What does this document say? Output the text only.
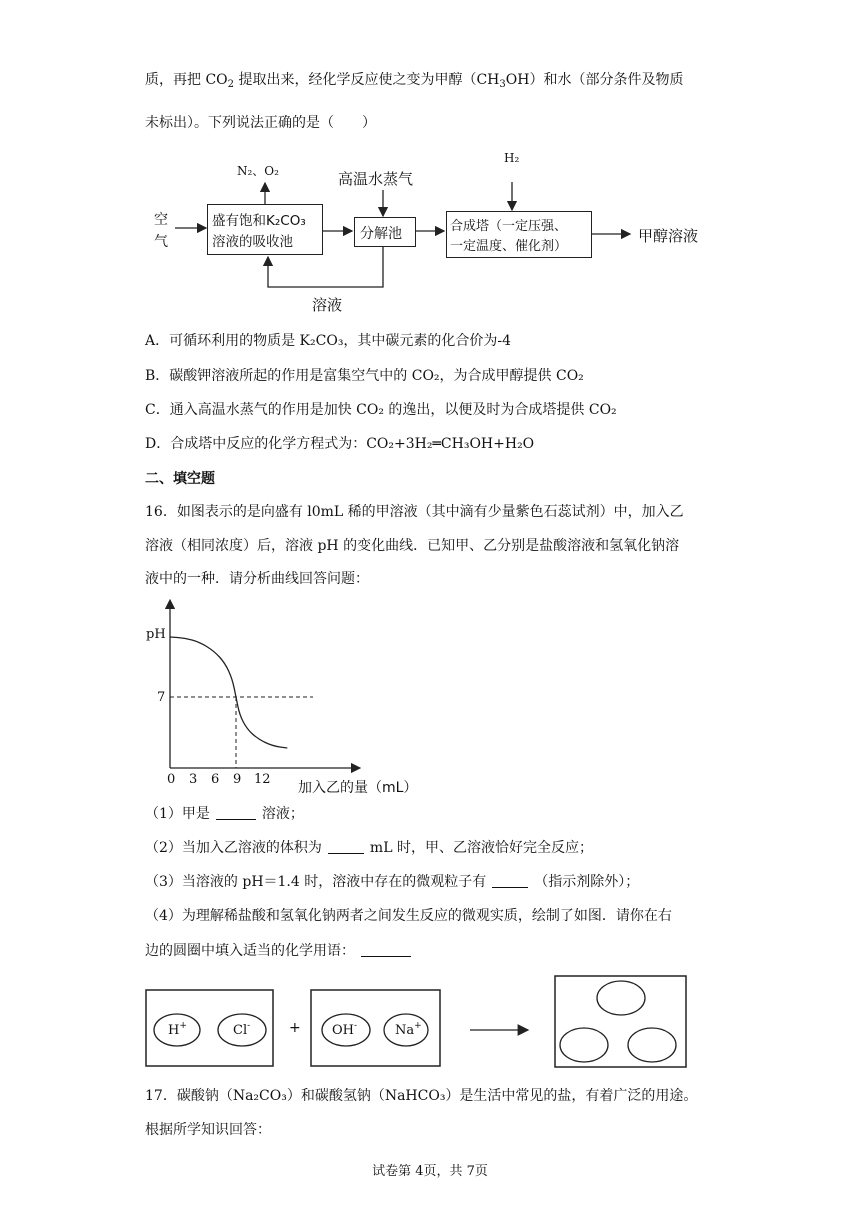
质，再把 $CO_2$ 提取出来，经化学反应使之变为甲醇$(CH_3OH)$和水（部分条件及物质
未标出）。下列说法正确的是（　　）
空
气
N₂、O₂
盛有饱和K₂CO₃
溶液的吸收池
高温水蒸气
分解池
H₂
合成塔（一定压强、
一定温度、催化剂）
甲醇溶液
溶液
A．可循环利用的物质是 K₂CO₃，其中碳元素的化合价为-4
B．碳酸钾溶液所起的作用是富集空气中的 CO₂，为合成甲醇提供 CO₂
C．通入高温水蒸气的作用是加快 CO₂ 的逸出，以便及时为合成塔提供 CO₂
D．合成塔中反应的化学方程式为：CO₂+3H₂═CH₃OH+H₂O
二、填空题
16．如图表示的是向盛有 l0mL 稀的甲溶液（其中滴有少量紫色石蕊试剂）中，加入乙
溶液（相同浓度）后，溶液 pH 的变化曲线．已知甲、乙分别是盐酸溶液和氢氧化钠溶
液中的一种．请分析曲线回答问题：
pH
7
0 3 6 9 12
加入乙的量（mL）
（1）甲是	溶液；
（2）当加入乙溶液的体积为	mL 时，甲、乙溶液恰好完全反应；
（3）当溶液的 pH＝1.4 时，溶液中存在的微观粒子有	（指示剂除外）；
（4）为理解稀盐酸和氢氧化钠两者之间发生反应的微观实质，绘制了如图．请你在右
边的圆圈中填入适当的化学用语：
H+	Cl-	+ OH-	Na+
17．碳酸钠（Na₂CO₃）和碳酸氢钠（NaHCO₃）是生活中常见的盐，有着广泛的用途。
根据所学知识回答：
试卷第 4页，共 7页
